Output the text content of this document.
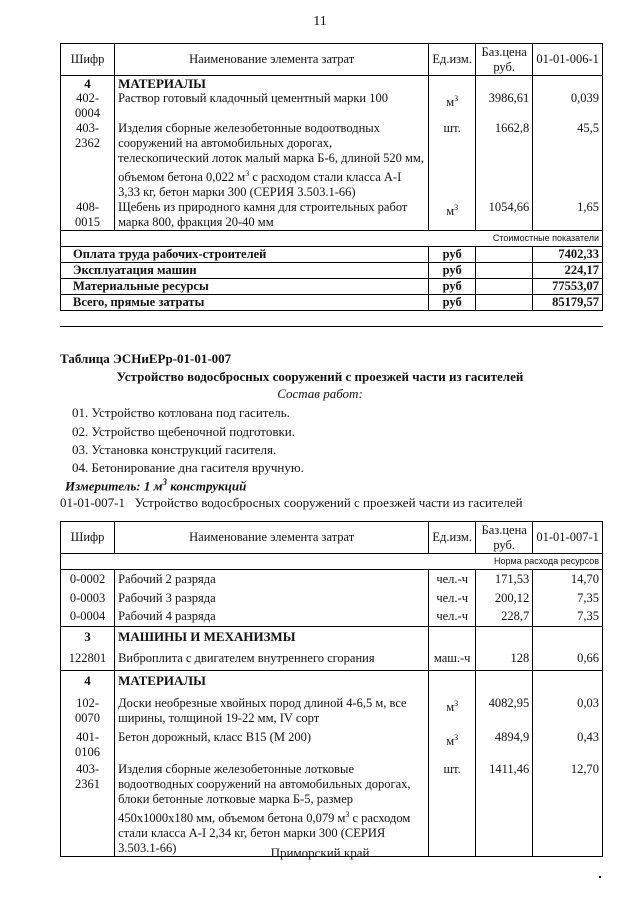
11
Шифр	Наименование элемента затрат	Ед.изм.	Баз.цена руб.	01-01-006-1
4	МАТЕРИАЛЫ			
402-0004	Раствор готовый кладочный цементный марки 100	$м^3$	3986,61	0,039
403-2362	Изделия сборные железобетонные водоотводных сооружений на автомобильных дорогах, телескопический лоток малый марка Б-6, длиной 520 мм, объемом бетона 0,022 $м^3$ с расходом стали класса А-I 3,33 кг, бетон марки 300 (СЕРИЯ 3.503.1-66)	шт.	1662,8	45,5
408-0015	Щебень из природного камня для строительных работ марка 800, фракция 20-40 мм	$м^3$	1054,66	1,65
Стоимостные показатели				
Оплата труда рабочих-строителей		руб		7402,33
Эксплуатация машин		руб		224,17
Материальные ресурсы		руб		77553,07
Всего, прямые затраты		руб		85179,57
Таблица ЭСНиЕРр-01-01-007
Устройство водосбросных сооружений с проезжей части из гасителей
Состав работ:
01. Устройство котлована под гаситель.
02. Устройство щебеночной подготовки.
03. Установка конструкций гасителя.
04. Бетонирование дна гасителя вручную.
Измеритель: 1 $м^3$ конструкций
01-01-007-1 Устройство водосбросных сооружений с проезжей части из гасителей
Шифр	Наименование элемента затрат	Ед.изм.	Баз.цена руб.	01-01-007-1
Норма расхода ресурсов				
0-0002	Рабочий 2 разряда	чел.-ч	171,53	14,70
0-0003	Рабочий 3 разряда	чел.-ч	200,12	7,35
0-0004	Рабочий 4 разряда	чел.-ч	228,7	7,35
3	МАШИНЫ И МЕХАНИЗМЫ			
122801	Виброплита с двигателем внутреннего сгорания	маш.-ч	128	0,66
4	МАТЕРИАЛЫ			
102-0070	Доски необрезные хвойных пород длиной 4-6,5 м, все ширины, толщиной 19-22 мм, IV сорт	$м^3$	4082,95	0,03
401-0106	Бетон дорожный, класс В15 (М 200)	$м^3$	4894,9	0,43
403-2361	Изделия сборные железобетонные лотковые водоотводных сооружений на автомобильных дорогах, блоки бетонные лотковые марка Б-5, размер 450х1000х180 мм, объемом бетона 0,079 $м^3$ с расходом стали класса А-I 2,34 кг, бетон марки 300 (СЕРИЯ 3.503.1-66)	шт.	1411,46	12,70
Приморский край
